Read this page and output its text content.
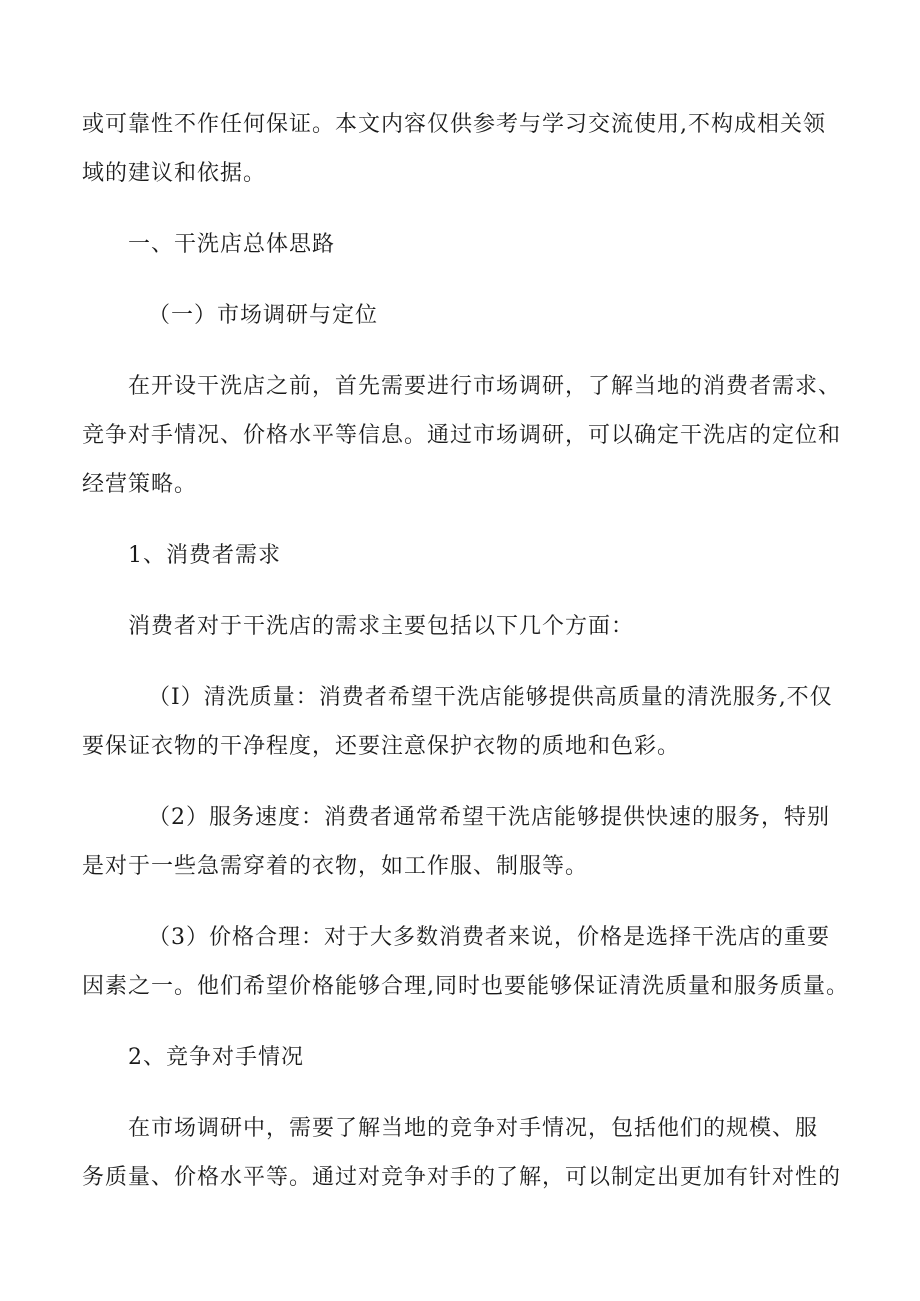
或可靠性不作任何保证。本文内容仅供参考与学习交流使用,不构成相关领
域的建议和依据。

一、干洗店总体思路

（一）市场调研与定位

在开设干洗店之前，首先需要进行市场调研，了解当地的消费者需求、
竞争对手情况、价格水平等信息。通过市场调研，可以确定干洗店的定位和
经营策略。

1、消费者需求

消费者对于干洗店的需求主要包括以下几个方面：

（I）清洗质量：消费者希望干洗店能够提供高质量的清洗服务,不仅
要保证衣物的干净程度，还要注意保护衣物的质地和色彩。

（2）服务速度：消费者通常希望干洗店能够提供快速的服务，特别
是对于一些急需穿着的衣物，如工作服、制服等。

（3）价格合理：对于大多数消费者来说，价格是选择干洗店的重要
因素之一。他们希望价格能够合理,同时也要能够保证清洗质量和服务质量。

2、竞争对手情况

在市场调研中，需要了解当地的竞争对手情况，包括他们的规模、服
务质量、价格水平等。通过对竞争对手的了解，可以制定出更加有针对性的
